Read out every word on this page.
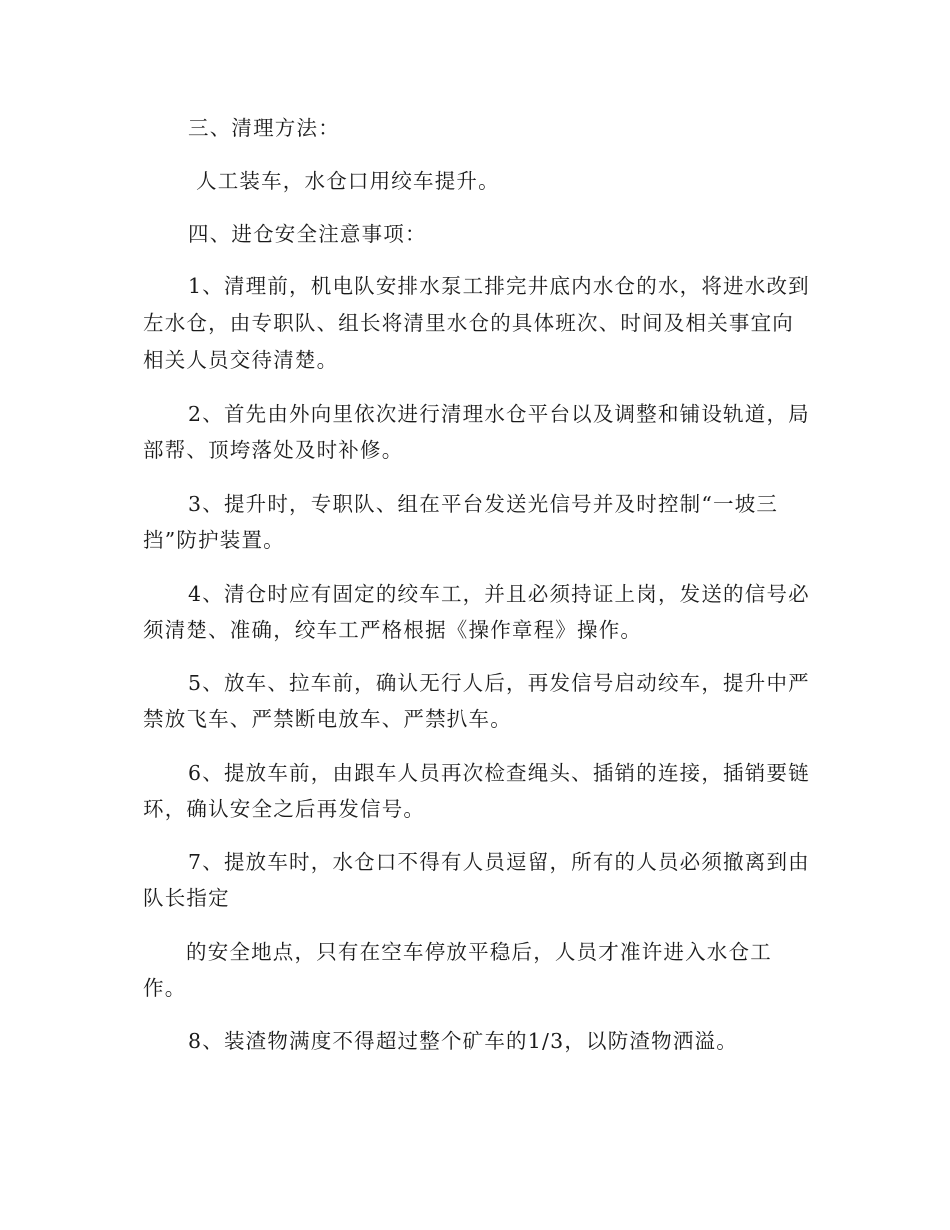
三、清理方法：
人工装车，水仓口用绞车提升。
四、进仓安全注意事项：
1、清理前，机电队安排水泵工排完井底内水仓的水，将进水改到
左水仓，由专职队、组长将清里水仓的具体班次、时间及相关事宜向
相关人员交待清楚。
2、首先由外向里依次进行清理水仓平台以及调整和铺设轨道，局
部帮、顶垮落处及时补修。
3、提升时，专职队、组在平台发送光信号并及时控制“一坡三
挡”防护装置。
4、清仓时应有固定的绞车工，并且必须持证上岗，发送的信号必
须清楚、准确，绞车工严格根据《操作章程》操作。
5、放车、拉车前，确认无行人后，再发信号启动绞车，提升中严
禁放飞车、严禁断电放车、严禁扒车。
6、提放车前，由跟车人员再次检查绳头、插销的连接，插销要链
环，确认安全之后再发信号。
7、提放车时，水仓口不得有人员逗留，所有的人员必须撤离到由
队长指定
的安全地点，只有在空车停放平稳后，人员才准许进入水仓工
作。
8、装渣物满度不得超过整个矿车的1/3，以防渣物洒溢。
